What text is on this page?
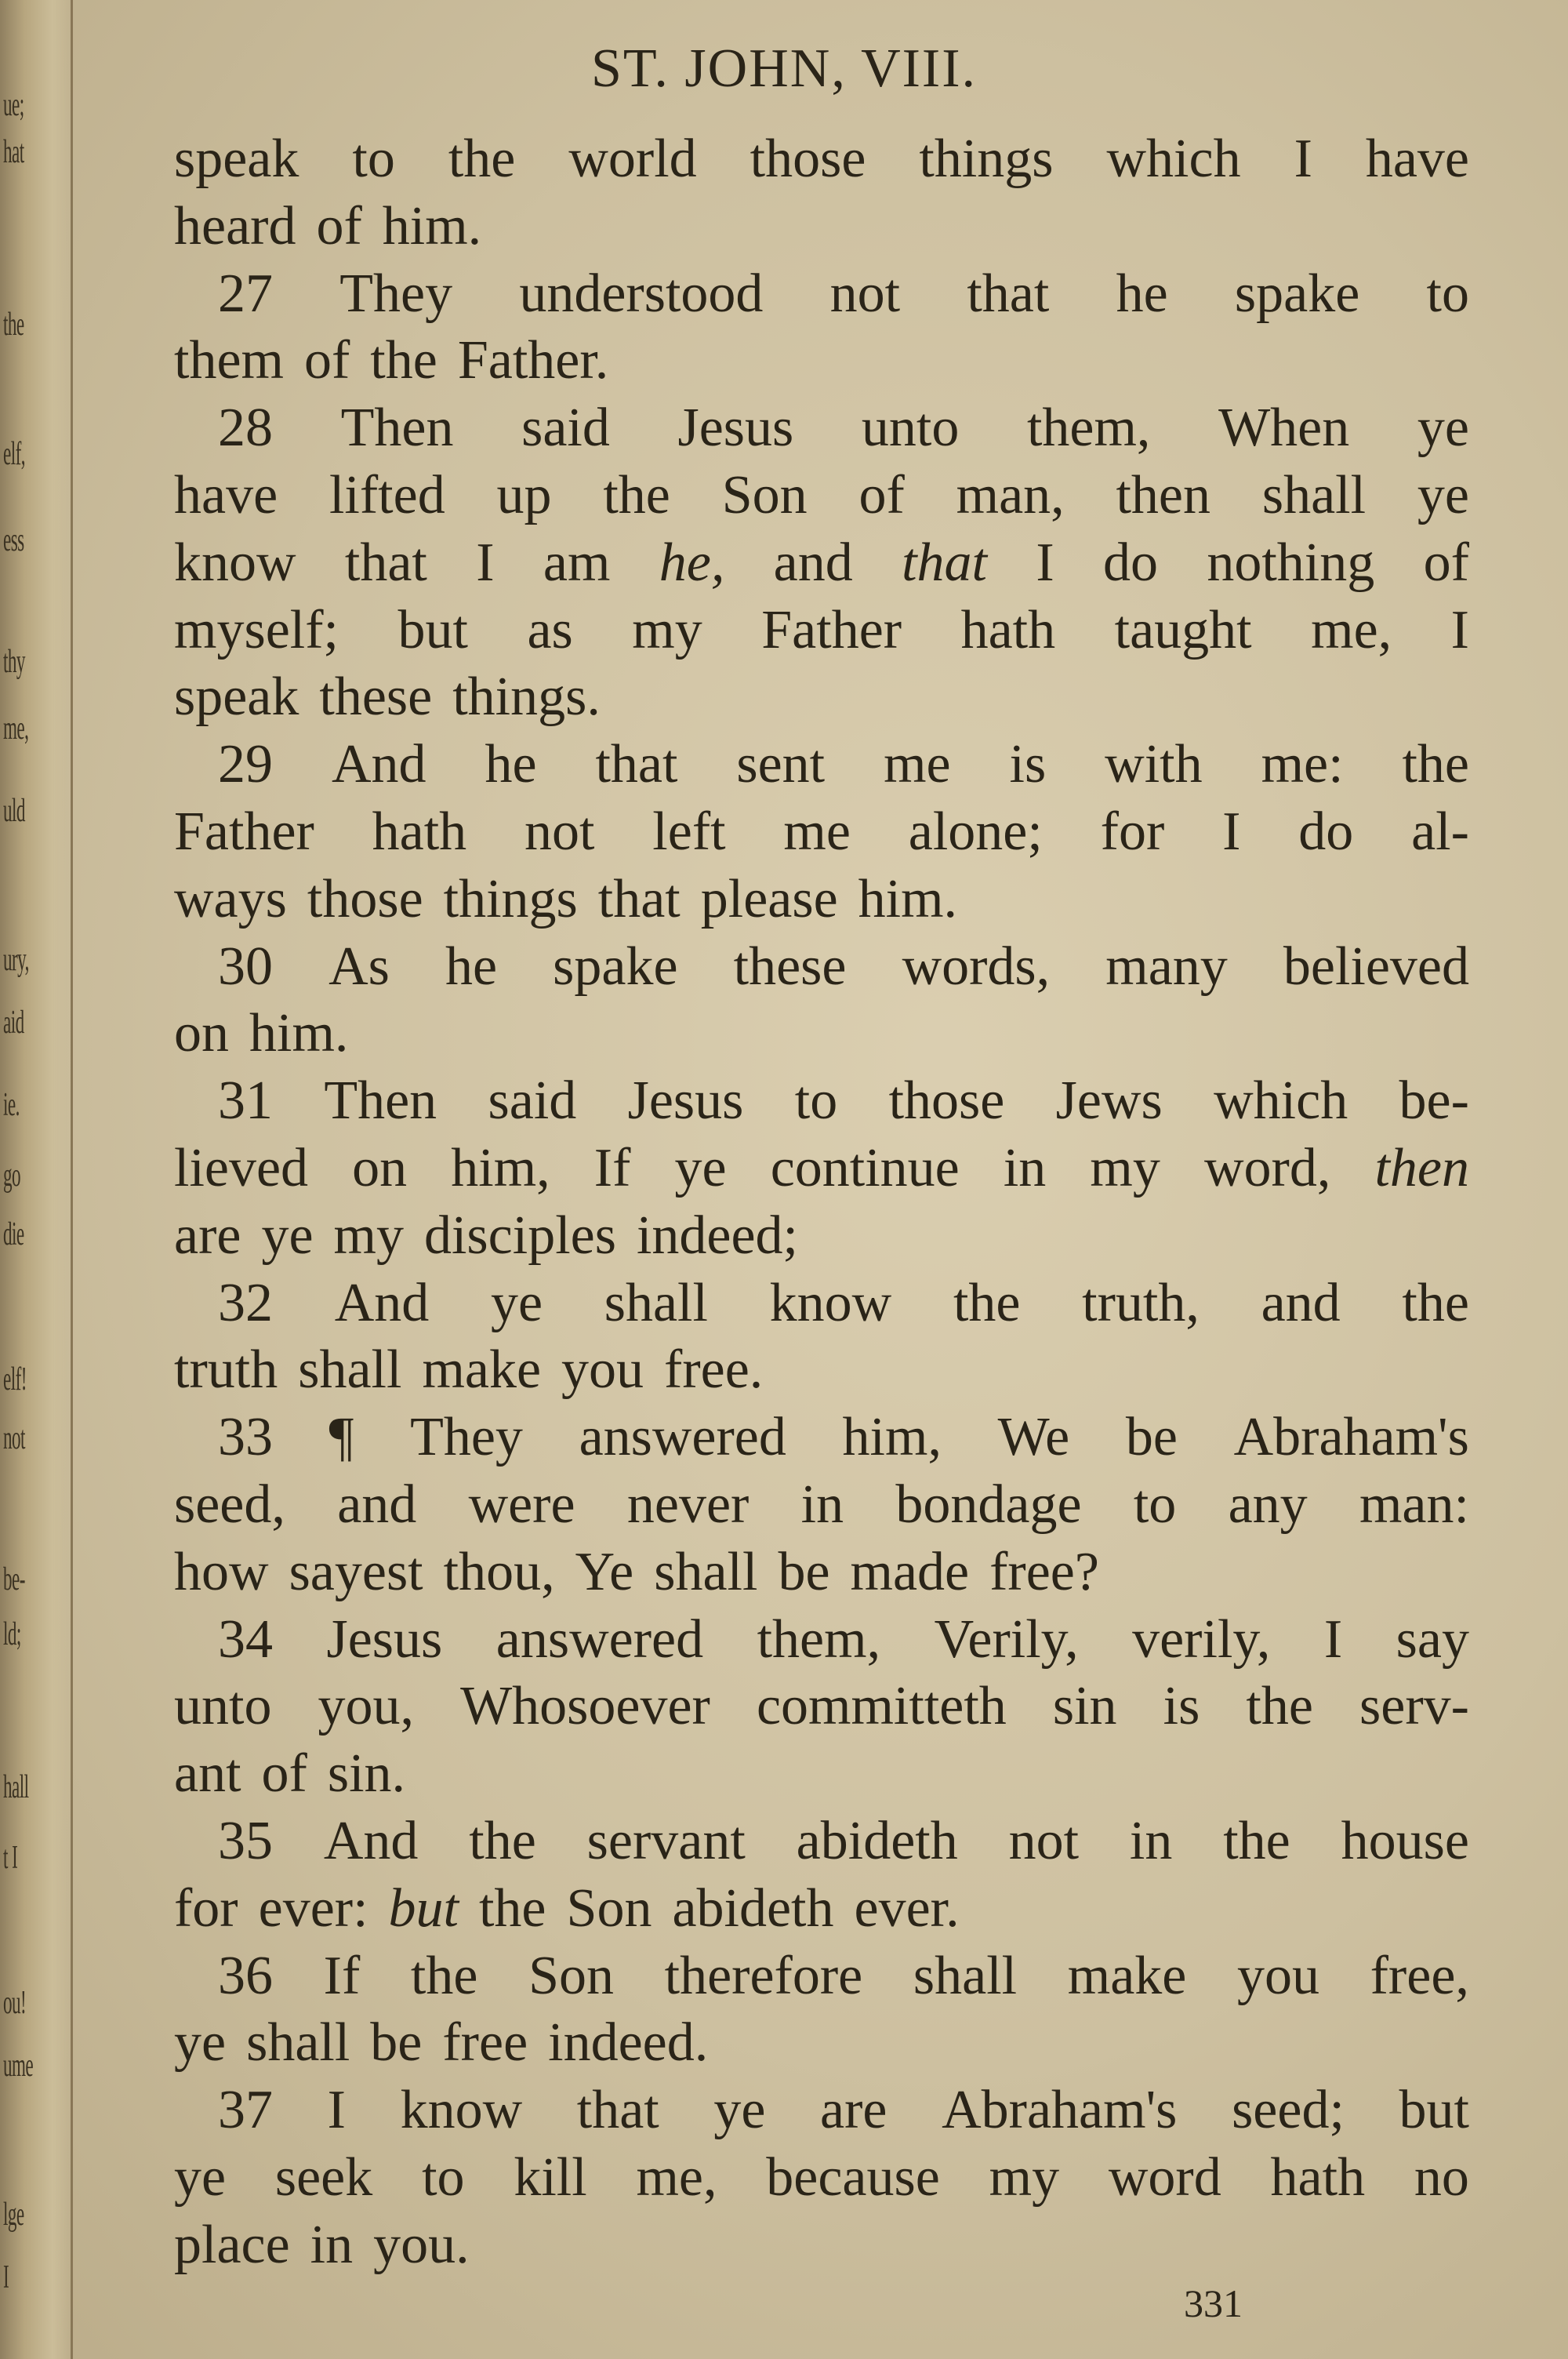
ue;
hat
the
elf,
ess
thy
me,
uld
ury,
aid
ie.
go
die
elf!
not
be-
ld;
hall
t I
ou!
ume
lge
I
ST. JOHN, VIII.
speak to the world those things which I have
heard of him.
27 They understood not that he spake to
them of the Father.
28 Then said Jesus unto them, When ye
have lifted up the Son of man, then shall ye
know that I am he, and that I do nothing of
myself; but as my Father hath taught me, I
speak these things.
29 And he that sent me is with me: the
Father hath not left me alone; for I do al-
ways those things that please him.
30 As he spake these words, many believed
on him.
31 Then said Jesus to those Jews which be-
lieved on him, If ye continue in my word, then
are ye my disciples indeed;
32 And ye shall know the truth, and the
truth shall make you free.
33 ¶ They answered him, We be Abraham's
seed, and were never in bondage to any man:
how sayest thou, Ye shall be made free?
34 Jesus answered them, Verily, verily, I say
unto you, Whosoever committeth sin is the serv-
ant of sin.
35 And the servant abideth not in the house
for ever: but the Son abideth ever.
36 If the Son therefore shall make you free,
ye shall be free indeed.
37 I know that ye are Abraham's seed; but
ye seek to kill me, because my word hath no
place in you.
331
